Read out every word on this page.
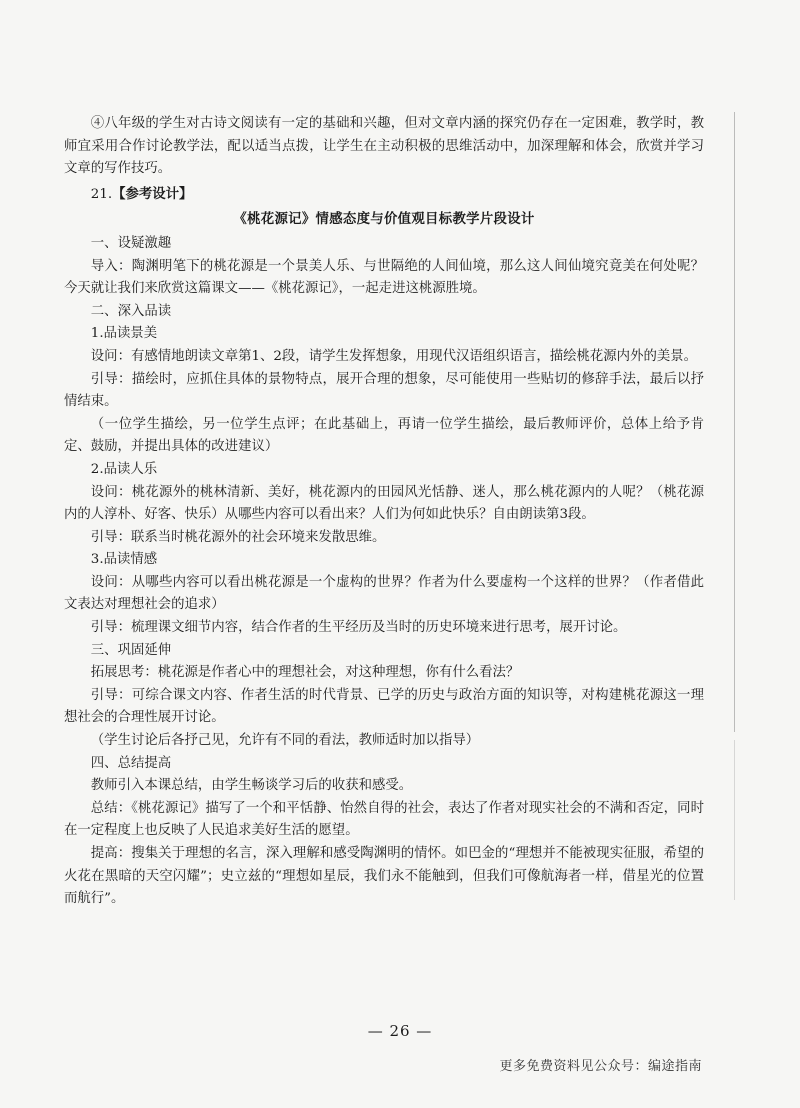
④八年级的学生对古诗文阅读有一定的基础和兴趣，但对文章内涵的探究仍存在一定困难，教学时，教师宜采用合作讨论教学法，配以适当点拨，让学生在主动积极的思维活动中，加深理解和体会，欣赏并学习文章的写作技巧。

21.【参考设计】

《桃花源记》情感态度与价值观目标教学片段设计

一、设疑激趣

导入：陶渊明笔下的桃花源是一个景美人乐、与世隔绝的人间仙境，那么这人间仙境究竟美在何处呢？今天就让我们来欣赏这篇课文——《桃花源记》，一起走进这桃源胜境。

二、深入品读

1.品读景美

设问：有感情地朗读文章第1、2段，请学生发挥想象，用现代汉语组织语言，描绘桃花源内外的美景。

引导：描绘时，应抓住具体的景物特点，展开合理的想象，尽可能使用一些贴切的修辞手法，最后以抒情结束。

（一位学生描绘，另一位学生点评；在此基础上，再请一位学生描绘，最后教师评价，总体上给予肯定、鼓励，并提出具体的改进建议）

2.品读人乐

设问：桃花源外的桃林清新、美好，桃花源内的田园风光恬静、迷人，那么桃花源内的人呢？（桃花源内的人淳朴、好客、快乐）从哪些内容可以看出来？人们为何如此快乐？自由朗读第3段。

引导：联系当时桃花源外的社会环境来发散思维。

3.品读情感

设问：从哪些内容可以看出桃花源是一个虚构的世界？作者为什么要虚构一个这样的世界？（作者借此文表达对理想社会的追求）

引导：梳理课文细节内容，结合作者的生平经历及当时的历史环境来进行思考，展开讨论。

三、巩固延伸

拓展思考：桃花源是作者心中的理想社会，对这种理想，你有什么看法？

引导：可综合课文内容、作者生活的时代背景、已学的历史与政治方面的知识等，对构建桃花源这一理想社会的合理性展开讨论。

（学生讨论后各抒己见，允许有不同的看法，教师适时加以指导）

四、总结提高

教师引入本课总结，由学生畅谈学习后的收获和感受。

总结：《桃花源记》描写了一个和平恬静、怡然自得的社会，表达了作者对现实社会的不满和否定，同时在一定程度上也反映了人民追求美好生活的愿望。

提高：搜集关于理想的名言，深入理解和感受陶渊明的情怀。如巴金的“理想并不能被现实征服，希望的火花在黑暗的天空闪耀”；史立兹的“理想如星辰，我们永不能触到，但我们可像航海者一样，借星光的位置而航行”。

— 26 —
更多免费资料见公众号：编途指南
